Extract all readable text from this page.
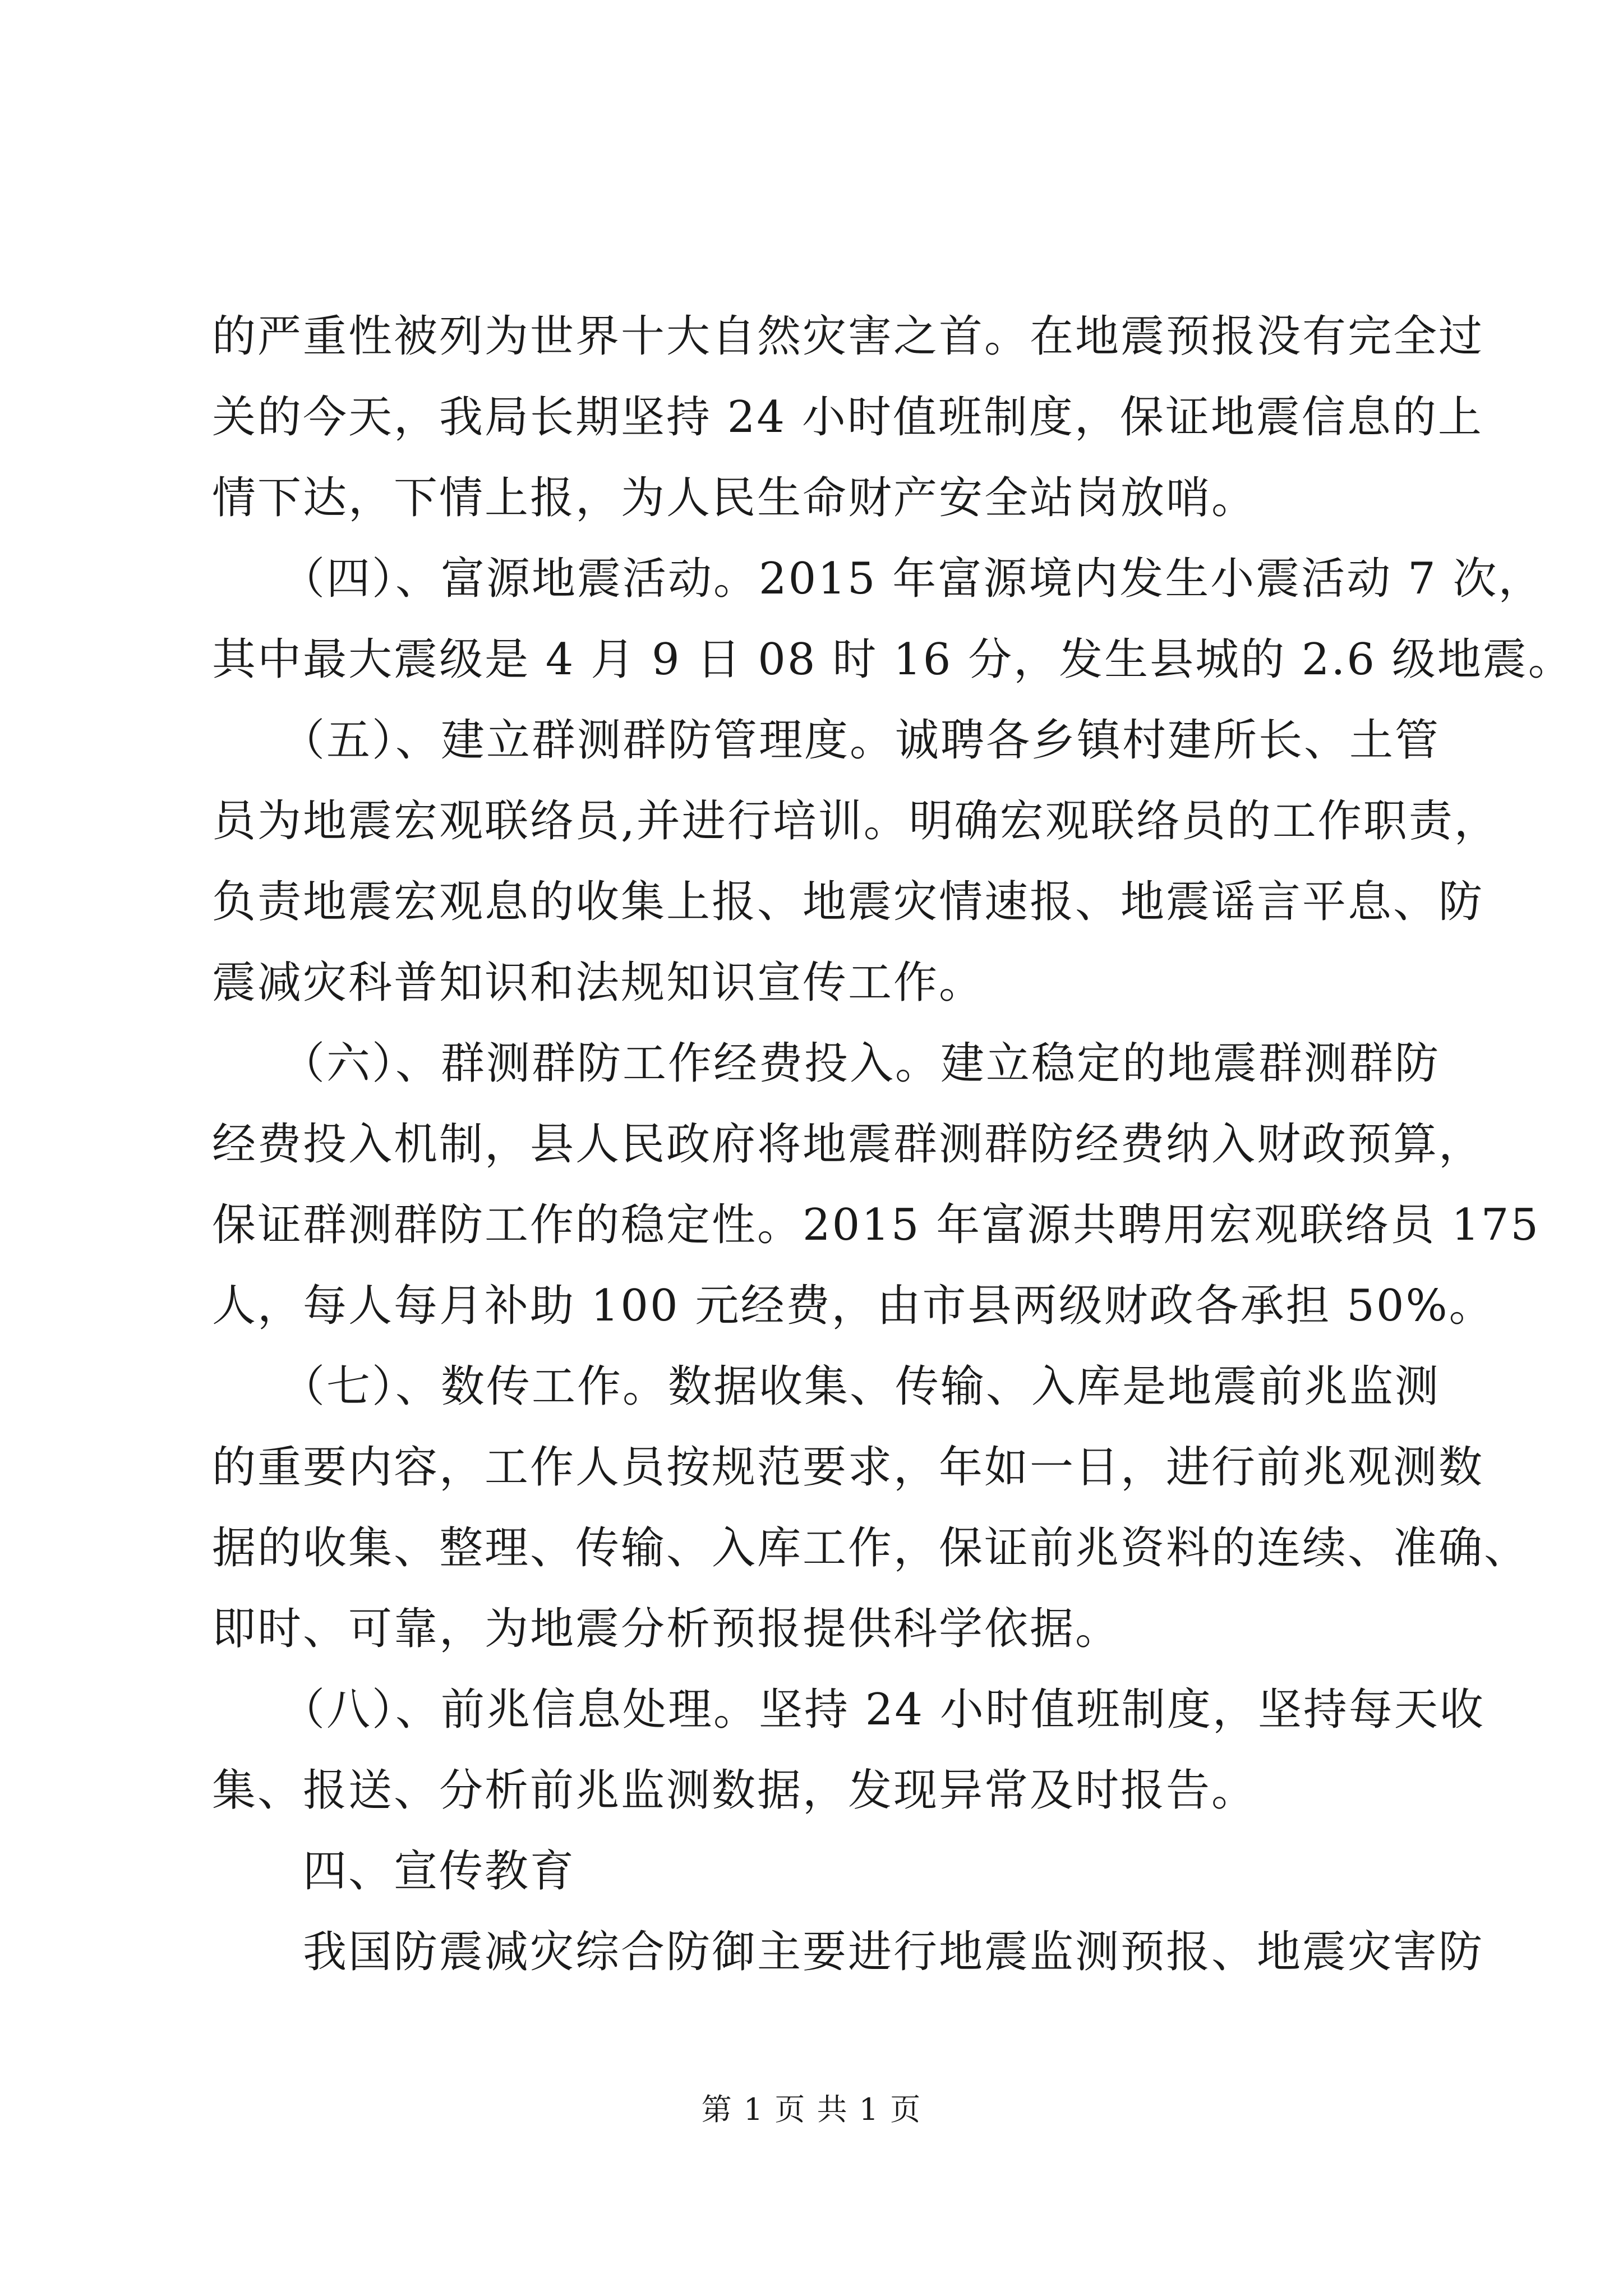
的严重性被列为世界十大自然灾害之首。在地震预报没有完全过
关的今天，我局长期坚持 24 小时值班制度，保证地震信息的上
情下达，下情上报，为人民生命财产安全站岗放哨。
　　（四）、富源地震活动。2015 年富源境内发生小震活动 7 次，
其中最大震级是 4 月 9 日 08 时 16 分，发生县城的 2.6 级地震。
　　（五）、建立群测群防管理度。诚聘各乡镇村建所长、土管
员为地震宏观联络员,并进行培训。明确宏观联络员的工作职责，
负责地震宏观息的收集上报、地震灾情速报、地震谣言平息、防
震减灾科普知识和法规知识宣传工作。
　　（六）、群测群防工作经费投入。建立稳定的地震群测群防
经费投入机制，县人民政府将地震群测群防经费纳入财政预算，
保证群测群防工作的稳定性。2015 年富源共聘用宏观联络员 175
人，每人每月补助 100 元经费，由市县两级财政各承担 50%。
　　（七）、数传工作。数据收集、传输、入库是地震前兆监测
的重要内容，工作人员按规范要求，年如一日，进行前兆观测数
据的收集、整理、传输、入库工作，保证前兆资料的连续、准确、
即时、可靠，为地震分析预报提供科学依据。
　　（八）、前兆信息处理。坚持 24 小时值班制度，坚持每天收
集、报送、分析前兆监测数据，发现异常及时报告。
　　四、宣传教育
　　我国防震减灾综合防御主要进行地震监测预报、地震灾害防
第 1 页 共 1 页
